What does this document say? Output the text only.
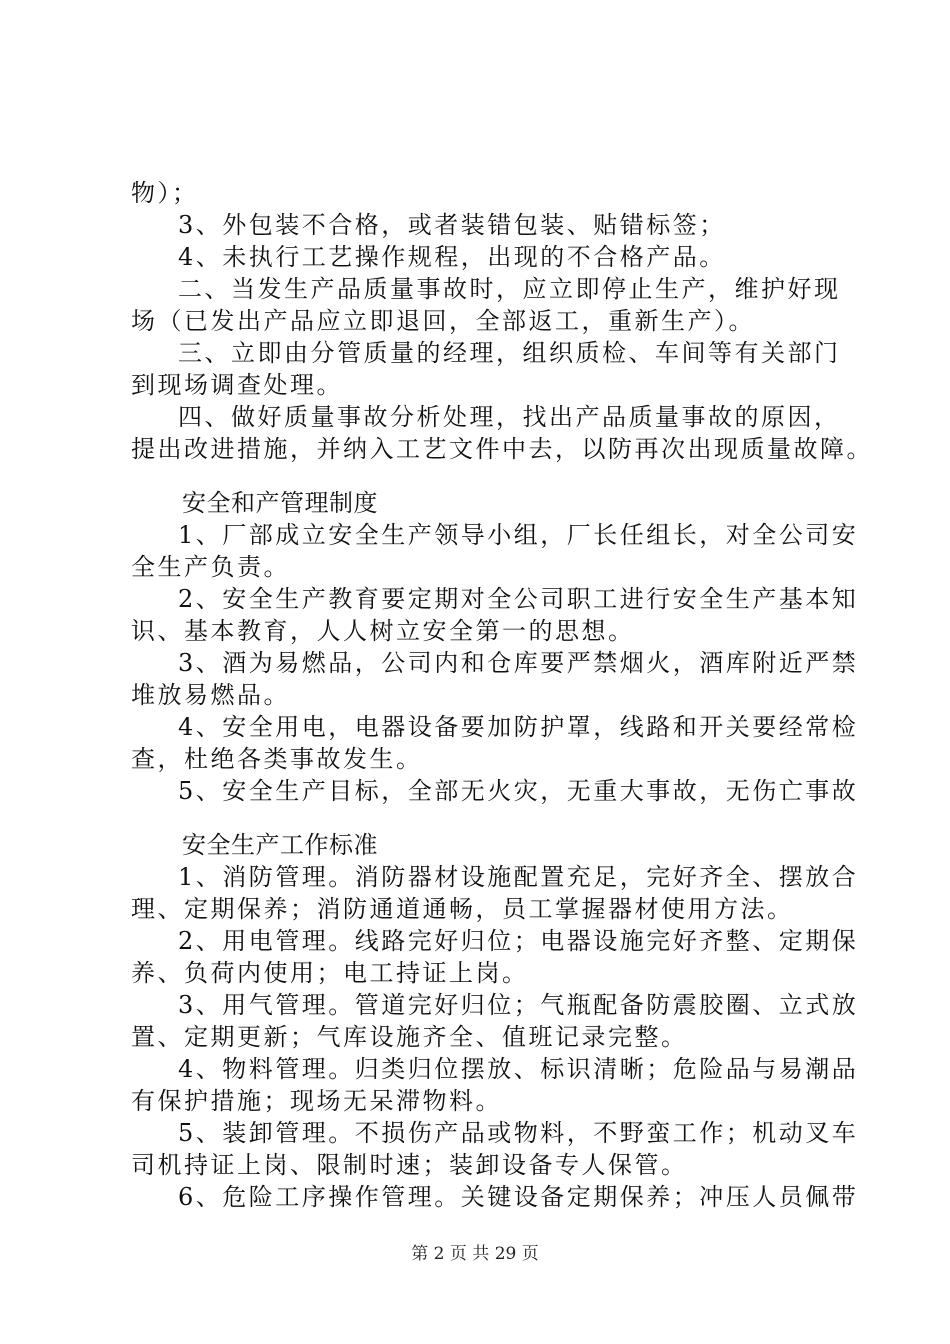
物）；
3、外包装不合格，或者装错包装、贴错标签；
4、未执行工艺操作规程，出现的不合格产品。
二、当发生产品质量事故时，应立即停止生产，维护好现
场（已发出产品应立即退回，全部返工，重新生产）。
三、立即由分管质量的经理，组织质检、车间等有关部门
到现场调查处理。
四、做好质量事故分析处理，找出产品质量事故的原因，
提出改进措施，并纳入工艺文件中去，以防再次出现质量故障。
安全和产管理制度
1、厂部成立安全生产领导小组，厂长任组长，对全公司安
全生产负责。
2、安全生产教育要定期对全公司职工进行安全生产基本知
识、基本教育，人人树立安全第一的思想。
3、酒为易燃品，公司内和仓库要严禁烟火，酒库附近严禁
堆放易燃品。
4、安全用电，电器设备要加防护罩，线路和开关要经常检
查，杜绝各类事故发生。
5、安全生产目标，全部无火灾，无重大事故，无伤亡事故
安全生产工作标准
1、消防管理。消防器材设施配置充足，完好齐全、摆放合
理、定期保养；消防通道通畅，员工掌握器材使用方法。
2、用电管理。线路完好归位；电器设施完好齐整、定期保
养、负荷内使用；电工持证上岗。
3、用气管理。管道完好归位；气瓶配备防震胶圈、立式放
置、定期更新；气库设施齐全、值班记录完整。
4、物料管理。归类归位摆放、标识清晰；危险品与易潮品
有保护措施；现场无呆滞物料。
5、装卸管理。不损伤产品或物料，不野蛮工作；机动叉车
司机持证上岗、限制时速；装卸设备专人保管。
6、危险工序操作管理。关键设备定期保养；冲压人员佩带
第 2 页 共 29 页
